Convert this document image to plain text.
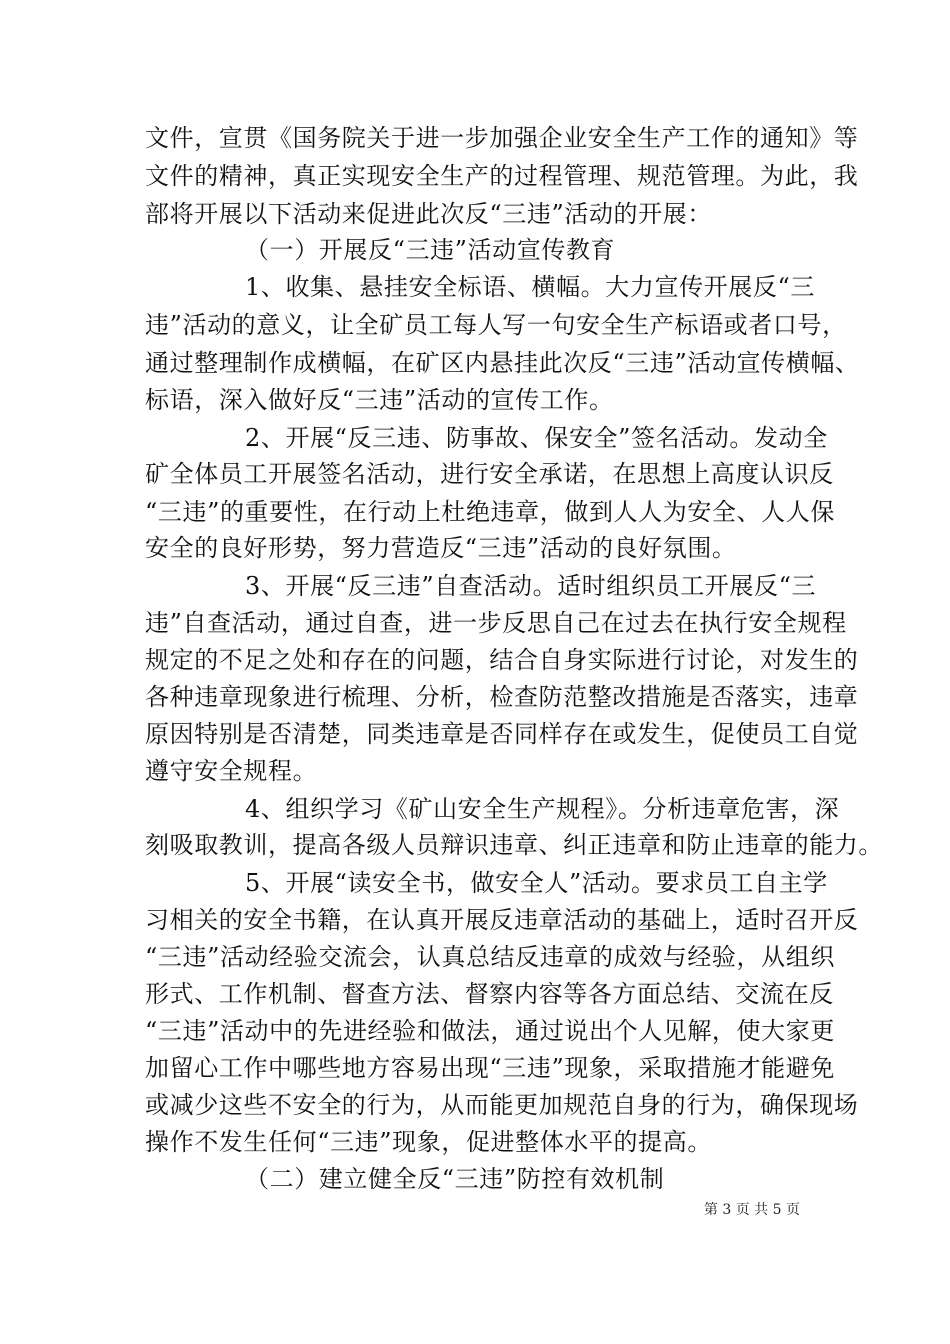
文件，宣贯《国务院关于进一步加强企业安全生产工作的通知》等
文件的精神，真正实现安全生产的过程管理、规范管理。为此，我
部将开展以下活动来促进此次反“三违”活动的开展：
（一）开展反“三违”活动宣传教育
1、收集、悬挂安全标语、横幅。大力宣传开展反“三
违”活动的意义，让全矿员工每人写一句安全生产标语或者口号，
通过整理制作成横幅，在矿区内悬挂此次反“三违”活动宣传横幅、
标语，深入做好反“三违”活动的宣传工作。
2、开展“反三违、防事故、保安全”签名活动。发动全
矿全体员工开展签名活动，进行安全承诺，在思想上高度认识反
“三违”的重要性，在行动上杜绝违章，做到人人为安全、人人保
安全的良好形势，努力营造反“三违”活动的良好氛围。
3、开展“反三违”自查活动。适时组织员工开展反“三
违”自查活动，通过自查，进一步反思自己在过去在执行安全规程
规定的不足之处和存在的问题，结合自身实际进行讨论，对发生的
各种违章现象进行梳理、分析，检查防范整改措施是否落实，违章
原因特别是否清楚，同类违章是否同样存在或发生，促使员工自觉
遵守安全规程。
4、组织学习《矿山安全生产规程》。分析违章危害，深
刻吸取教训，提高各级人员辩识违章、纠正违章和防止违章的能力。
5、开展“读安全书，做安全人”活动。要求员工自主学
习相关的安全书籍，在认真开展反违章活动的基础上，适时召开反
“三违”活动经验交流会，认真总结反违章的成效与经验，从组织
形式、工作机制、督查方法、督察内容等各方面总结、交流在反
“三违”活动中的先进经验和做法，通过说出个人见解，使大家更
加留心工作中哪些地方容易出现“三违”现象，采取措施才能避免
或减少这些不安全的行为，从而能更加规范自身的行为，确保现场
操作不发生任何“三违”现象，促进整体水平的提高。
（二）建立健全反“三违”防控有效机制
第 3 页 共 5 页
